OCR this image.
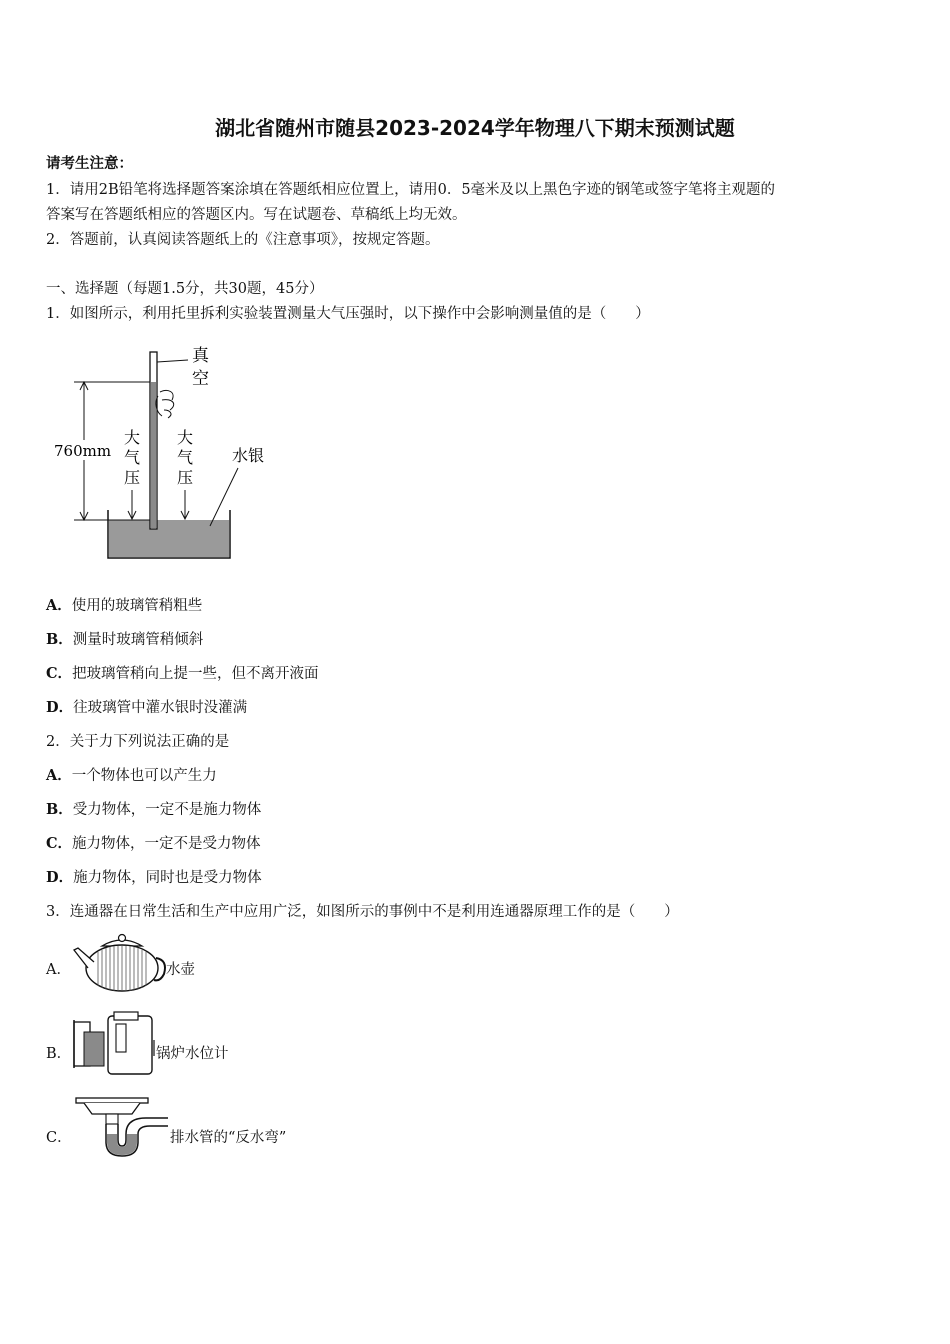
湖北省随州市随县2023-2024学年物理八下期末预测试题
请考生注意：
1．请用2B铅笔将选择题答案涂填在答题纸相应位置上，请用0．5毫米及以上黑色字迹的钢笔或签字笔将主观题的
答案写在答题纸相应的答题区内。写在试题卷、草稿纸上均无效。
2．答题前，认真阅读答题纸上的《注意事项》，按规定答题。
一、选择题（每题1.5分，共30题，45分）
1．如图所示，利用托里拆利实验装置测量大气压强时，以下操作中会影响测量值的是（　　）
真
空
760mm
大
气
压
大
气
压
水银
A．使用的玻璃管稍粗些
B．测量时玻璃管稍倾斜
C．把玻璃管稍向上提一些，但不离开液面
D．往玻璃管中灌水银时没灌满
2．关于力下列说法正确的是
A．一个物体也可以产生力
B．受力物体，一定不是施力物体
C．施力物体，一定不是受力物体
D．施力物体，同时也是受力物体
3．连通器在日常生活和生产中应用广泛，如图所示的事例中不是利用连通器原理工作的是（　　）
A．	水壶
B．	锅炉水位计
C．	排水管的“反水弯”
